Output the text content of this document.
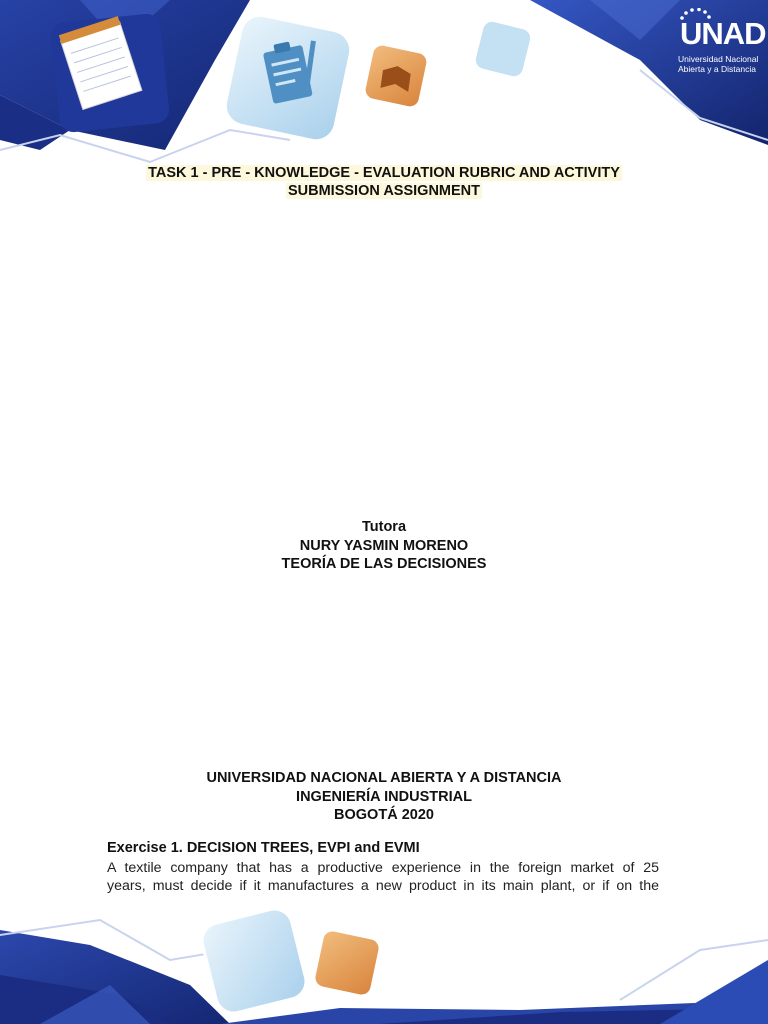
UNAD
Universidad Nacional
Abierta y a Distancia
TASK 1 - PRE - KNOWLEDGE - EVALUATION RUBRIC AND ACTIVITY
SUBMISSION ASSIGNMENT
Tutora
NURY YASMIN MORENO
TEORÍA DE LAS DECISIONES
UNIVERSIDAD NACIONAL ABIERTA Y A DISTANCIA
INGENIERÍA INDUSTRIAL
BOGOTÁ 2020
Exercise 1. DECISION TREES, EVPI and EVMI
A textile company that has a productive experience in the foreign market of 25
years, must decide if it manufactures a new product in its main plant, or if on the
